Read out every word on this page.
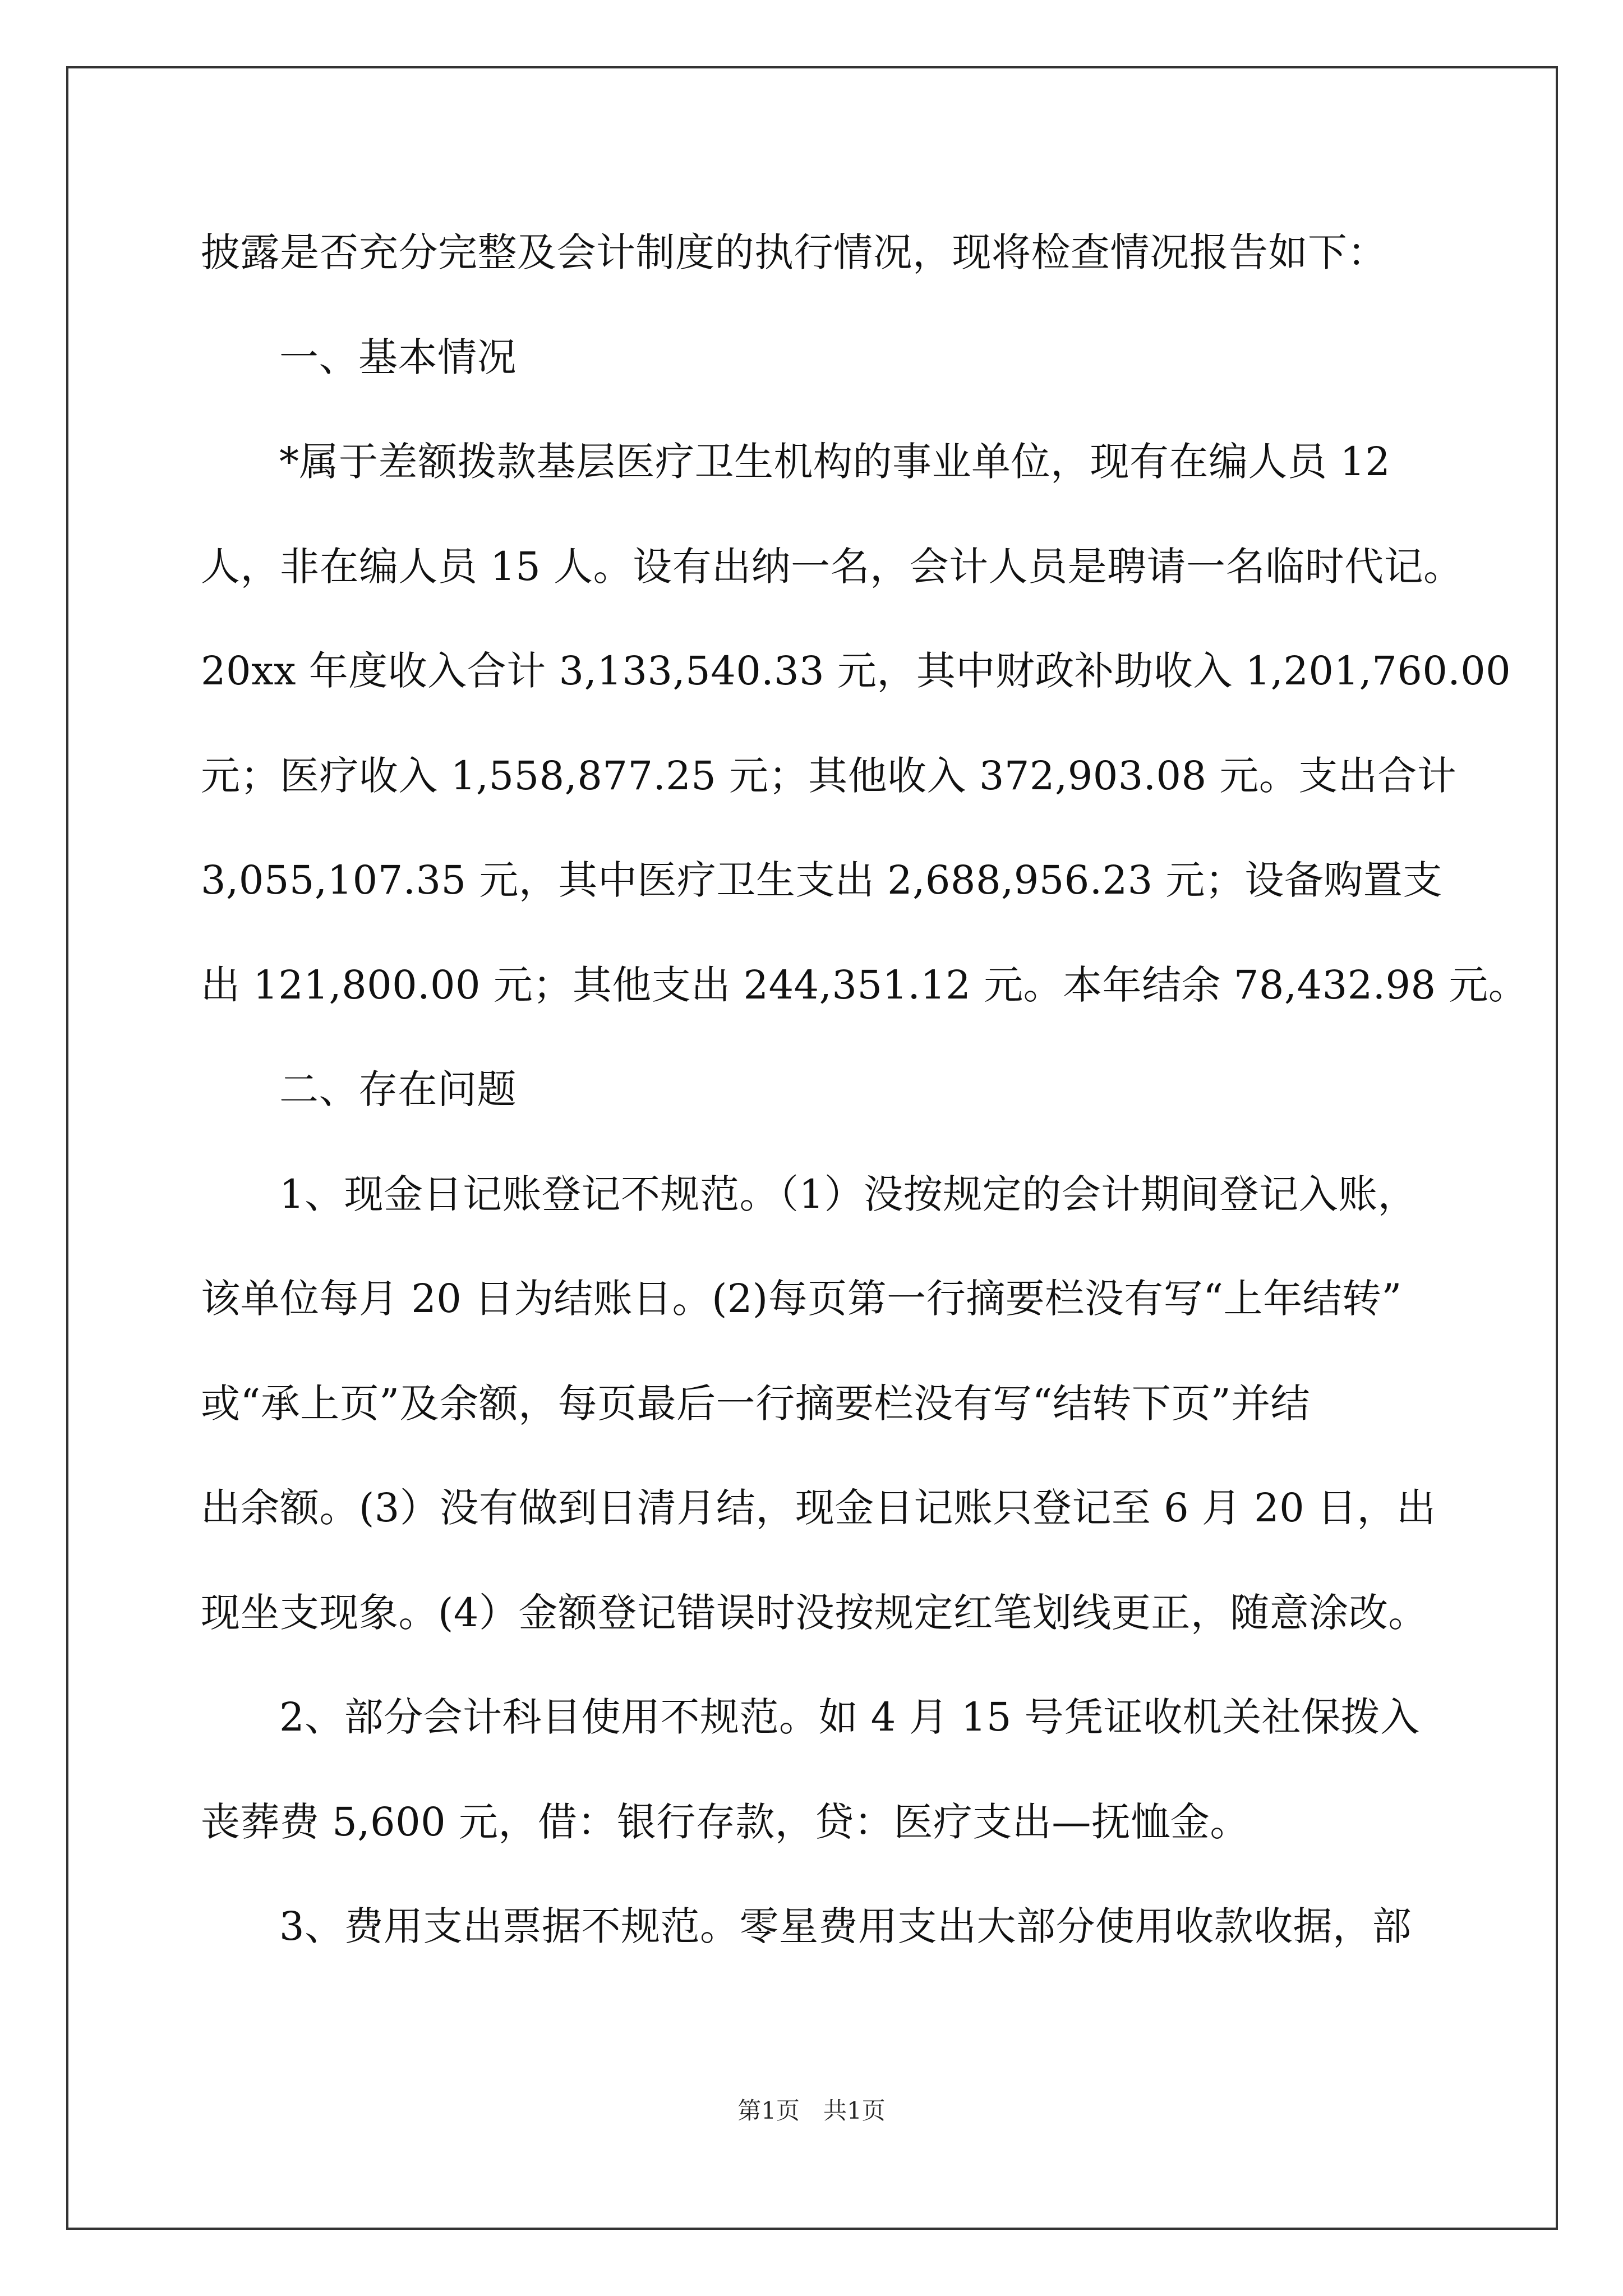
披露是否充分完整及会计制度的执行情况，现将检查情况报告如下：
一、基本情况
*属于差额拨款基层医疗卫生机构的事业单位，现有在编人员 12
人，非在编人员 15 人。设有出纳一名，会计人员是聘请一名临时代记。
20xx 年度收入合计 3,133,540.33 元，其中财政补助收入 1,201,760.00
元；医疗收入 1,558,877.25 元；其他收入 372,903.08 元。支出合计
3,055,107.35 元，其中医疗卫生支出 2,688,956.23 元；设备购置支
出 121,800.00 元；其他支出 244,351.12 元。本年结余 78,432.98 元。
二、存在问题
1、现金日记账登记不规范。（1）没按规定的会计期间登记入账，
该单位每月 20 日为结账日。(2)每页第一行摘要栏没有写“上年结转”
或“承上页”及余额，每页最后一行摘要栏没有写“结转下页”并结
出余额。(3）没有做到日清月结，现金日记账只登记至 6 月 20 日，出
现坐支现象。(4）金额登记错误时没按规定红笔划线更正，随意涂改。
2、部分会计科目使用不规范。如 4 月 15 号凭证收机关社保拨入
丧葬费 5,600 元，借：银行存款，贷：医疗支出—抚恤金。
3、费用支出票据不规范。零星费用支出大部分使用收款收据，部
第1页　共1页
